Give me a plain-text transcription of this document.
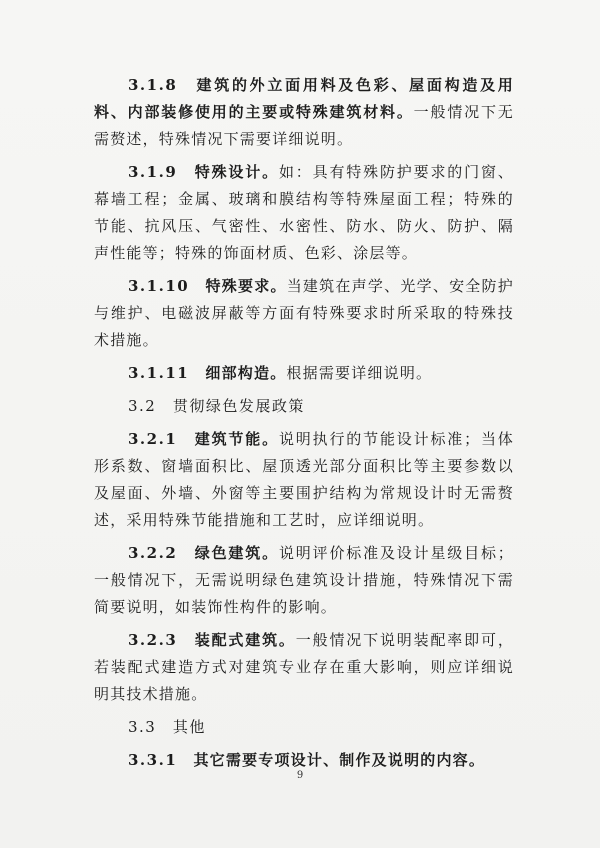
3.1.8　 建筑的外立面用料及色彩、屋面构造及用料、内部装修使用的主要或特殊建筑材料。一般情况下无需赘述，特殊情况下需要详细说明。

3.1.9　 特殊设计。如：具有特殊防护要求的门窗、幕墙工程；金属、玻璃和膜结构等特殊屋面工程；特殊的节能、抗风压、气密性、水密性、防水、防火、防护、隔声性能等；特殊的饰面材质、色彩、涂层等。

3.1.10　 特殊要求。当建筑在声学、光学、安全防护与维护、电磁波屏蔽等方面有特殊要求时所采取的特殊技术措施。

3.1.11　 细部构造。根据需要详细说明。

3.2　贯彻绿色发展政策

3.2.1　 建筑节能。说明执行的节能设计标准；当体形系数、窗墙面积比、屋顶透光部分面积比等主要参数以及屋面、外墙、外窗等主要围护结构为常规设计时无需赘述，采用特殊节能措施和工艺时，应详细说明。

3.2.2　 绿色建筑。说明评价标准及设计星级目标；一般情况下，无需说明绿色建筑设计措施，特殊情况下需简要说明，如装饰性构件的影响。

3.2.3　 装配式建筑。一般情况下说明装配率即可，若装配式建造方式对建筑专业存在重大影响，则应详细说明其技术措施。

3.3　其他

3.3.1　 其它需要专项设计、制作及说明的内容。

9
